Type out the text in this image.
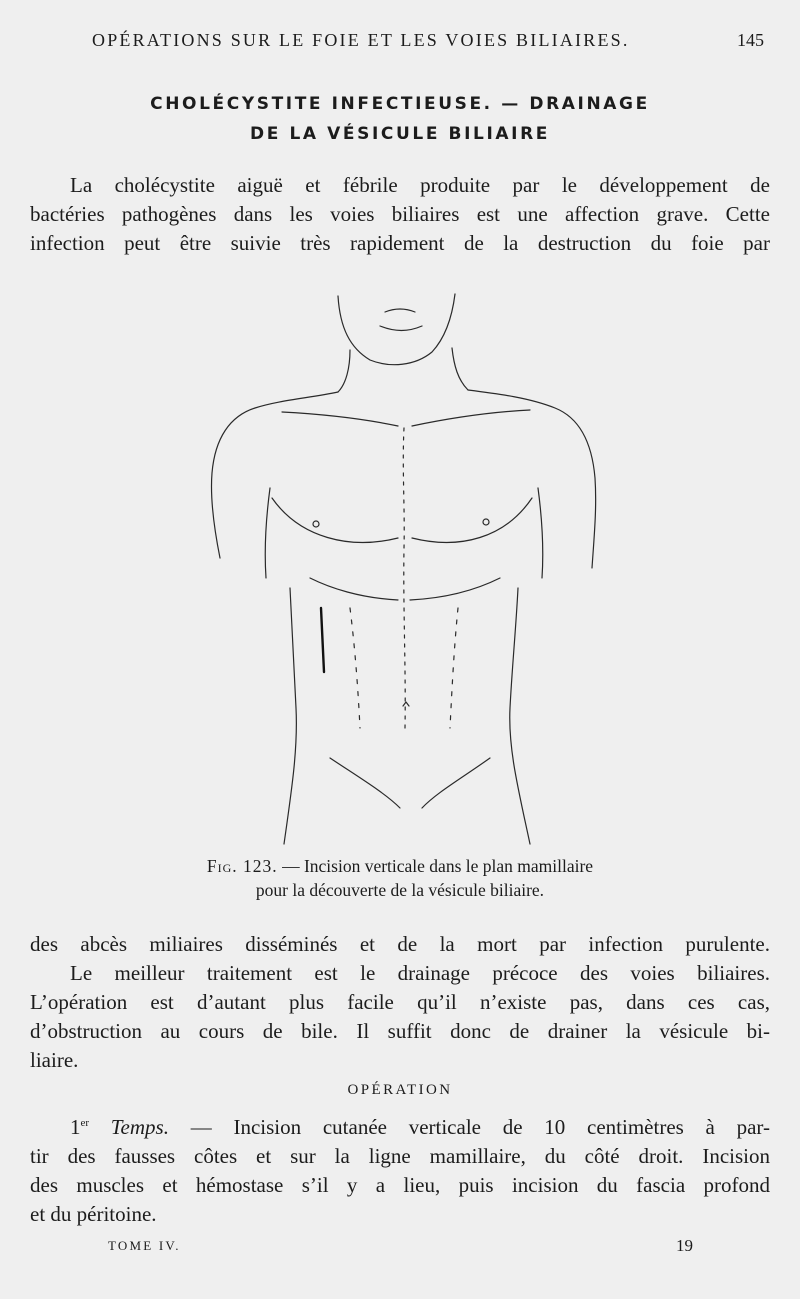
OPÉRATIONS SUR LE FOIE ET LES VOIES BILIAIRES.	145
CHOLÉCYSTITE INFECTIEUSE. — DRAINAGE
DE LA VÉSICULE BILIAIRE
La cholécystite aiguë et fébrile produite par le développement de
bactéries pathogènes dans les voies biliaires est une affection grave. Cette
infection peut être suivie très rapidement de la destruction du foie par
Fig. 123. — Incision verticale dans le plan mamillaire
pour la découverte de la vésicule biliaire.
des abcès miliaires disséminés et de la mort par infection purulente.
Le meilleur traitement est le drainage précoce des voies biliaires.
L’opération est d’autant plus facile qu’il n’existe pas, dans ces cas,
d’obstruction au cours de bile. Il suffit donc de drainer la vésicule bi-
liaire.
OPÉRATION
1er Temps. — Incision cutanée verticale de 10 centimètres à par-
tir des fausses côtes et sur la ligne mamillaire, du côté droit. Incision
des muscles et hémostase s’il y a lieu, puis incision du fascia profond
et du péritoine.
TOME IV.	19
